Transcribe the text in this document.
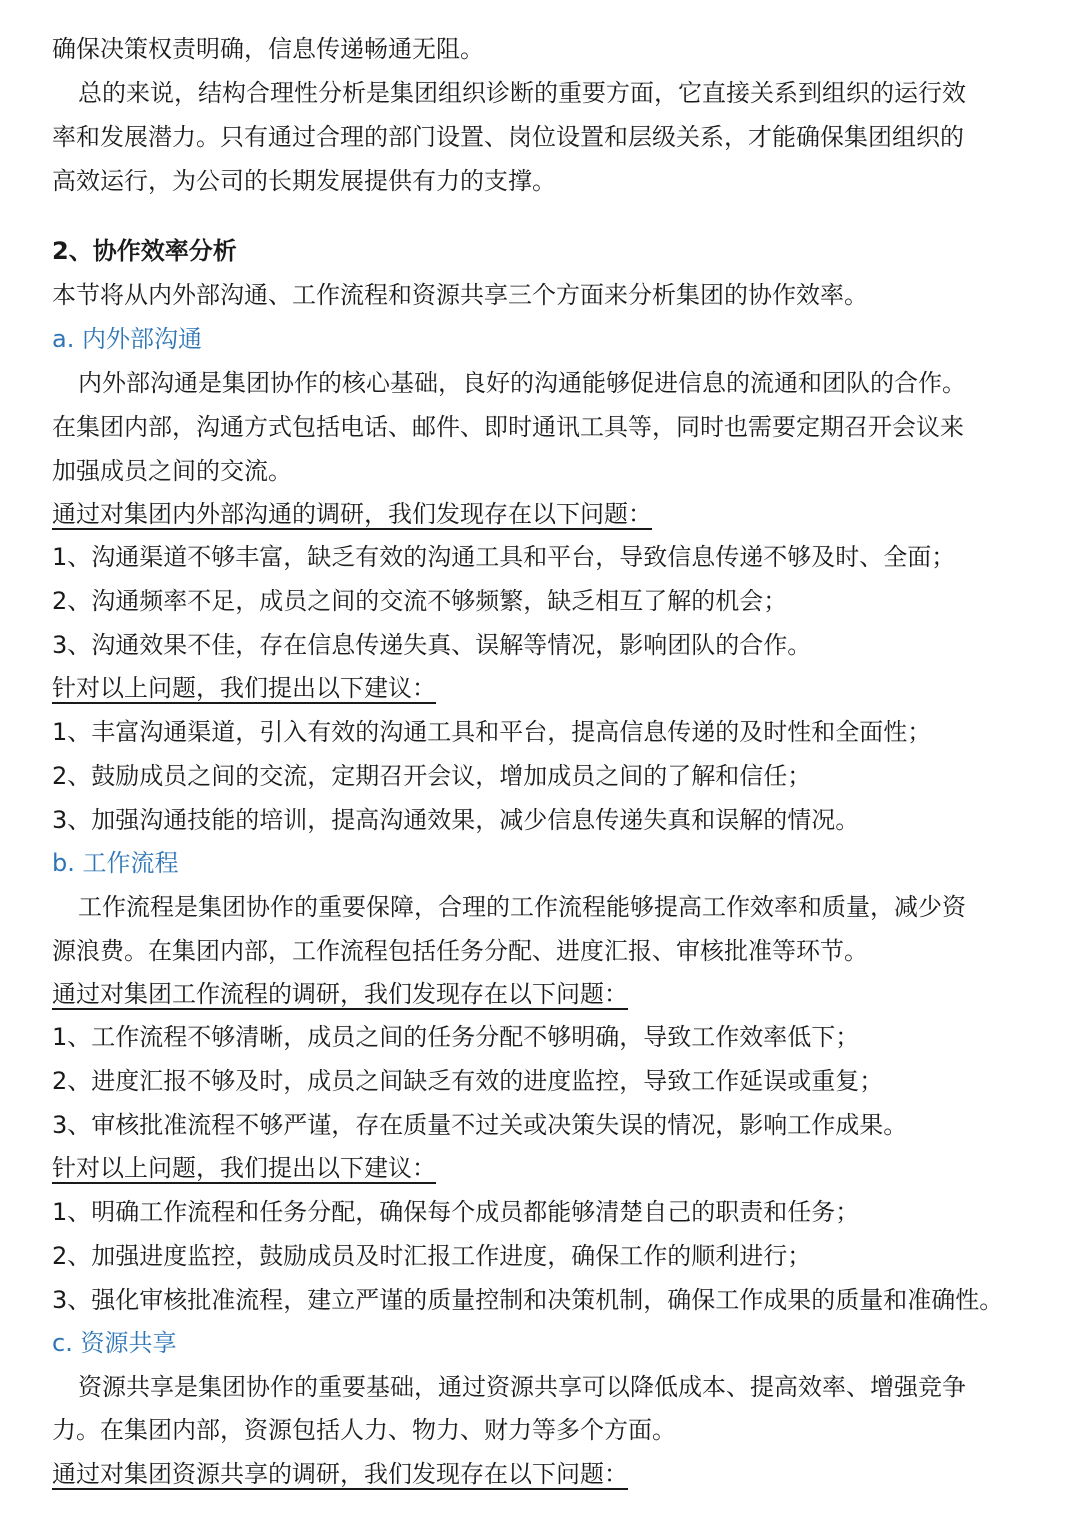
确保决策权责明确，信息传递畅通无阻。
总的来说，结构合理性分析是集团组织诊断的重要方面，它直接关系到组织的运行效
率和发展潜力。只有通过合理的部门设置、岗位设置和层级关系，才能确保集团组织的
高效运行，为公司的长期发展提供有力的支撑。
2、协作效率分析
本节将从内外部沟通、工作流程和资源共享三个方面来分析集团的协作效率。
a. 内外部沟通
内外部沟通是集团协作的核心基础，良好的沟通能够促进信息的流通和团队的合作。
在集团内部，沟通方式包括电话、邮件、即时通讯工具等，同时也需要定期召开会议来
加强成员之间的交流。
通过对集团内外部沟通的调研，我们发现存在以下问题：
1、沟通渠道不够丰富，缺乏有效的沟通工具和平台，导致信息传递不够及时、全面；
2、沟通频率不足，成员之间的交流不够频繁，缺乏相互了解的机会；
3、沟通效果不佳，存在信息传递失真、误解等情况，影响团队的合作。
针对以上问题，我们提出以下建议：
1、丰富沟通渠道，引入有效的沟通工具和平台，提高信息传递的及时性和全面性；
2、鼓励成员之间的交流，定期召开会议，增加成员之间的了解和信任；
3、加强沟通技能的培训，提高沟通效果，减少信息传递失真和误解的情况。
b. 工作流程
工作流程是集团协作的重要保障，合理的工作流程能够提高工作效率和质量，减少资
源浪费。在集团内部，工作流程包括任务分配、进度汇报、审核批准等环节。
通过对集团工作流程的调研，我们发现存在以下问题：
1、工作流程不够清晰，成员之间的任务分配不够明确，导致工作效率低下；
2、进度汇报不够及时，成员之间缺乏有效的进度监控，导致工作延误或重复；
3、审核批准流程不够严谨，存在质量不过关或决策失误的情况，影响工作成果。
针对以上问题，我们提出以下建议：
1、明确工作流程和任务分配，确保每个成员都能够清楚自己的职责和任务；
2、加强进度监控，鼓励成员及时汇报工作进度，确保工作的顺利进行；
3、强化审核批准流程，建立严谨的质量控制和决策机制，确保工作成果的质量和准确性。
c. 资源共享
资源共享是集团协作的重要基础，通过资源共享可以降低成本、提高效率、增强竞争
力。在集团内部，资源包括人力、物力、财力等多个方面。
通过对集团资源共享的调研，我们发现存在以下问题：
